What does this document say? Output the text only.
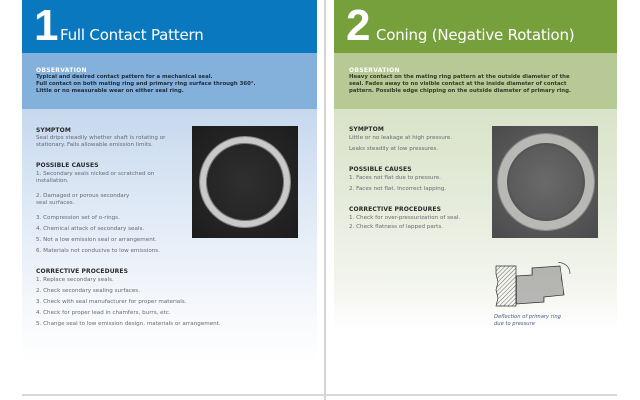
1 Full Contact Pattern
OBSERVATION
Typical and desired contact pattern for a mechanical seal.
Full contact on both mating ring and primary ring surface through 360°.
Little or no measurable wear on either seal ring.
SYMPTOM
Seal drips steadily whether shaft is rotating or
stationary. Fails allowable emission limits.
POSSIBLE CAUSES
1. Secondary seals nicked or scratched on installation.
2. Damaged or porous secondary seal surfaces.
3. Compression set of o-rings.
4. Chemical attack of secondary seals.
5. Not a low emission seal or arrangement.
6. Materials not conducive to low emissions.
CORRECTIVE PROCEDURES
1. Replace secondary seals.
2. Check secondary sealing surfaces.
3. Check with seal manufacturer for proper materials.
4. Check for proper lead in chamfers, burrs, etc.
5. Change seal to low emission design, materials or arrangement.
2 Coning (Negative Rotation)
OBSERVATION
Heavy contact on the mating ring pattern at the outside diameter of the
seal. Fades away to no visible contact at the inside diameter of contact
pattern. Possible edge chipping on the outside diameter of primary ring.
SYMPTOM
Little or no leakage at high pressure.
Leaks steadily at low pressures.
POSSIBLE CAUSES
1. Faces not flat due to pressure.
2. Faces not flat. Incorrect lapping.
CORRECTIVE PROCEDURES
1. Check for over-pressurization of seal.
2. Check flatness of lapped parts.
Deflection of primary ring
due to pressure
